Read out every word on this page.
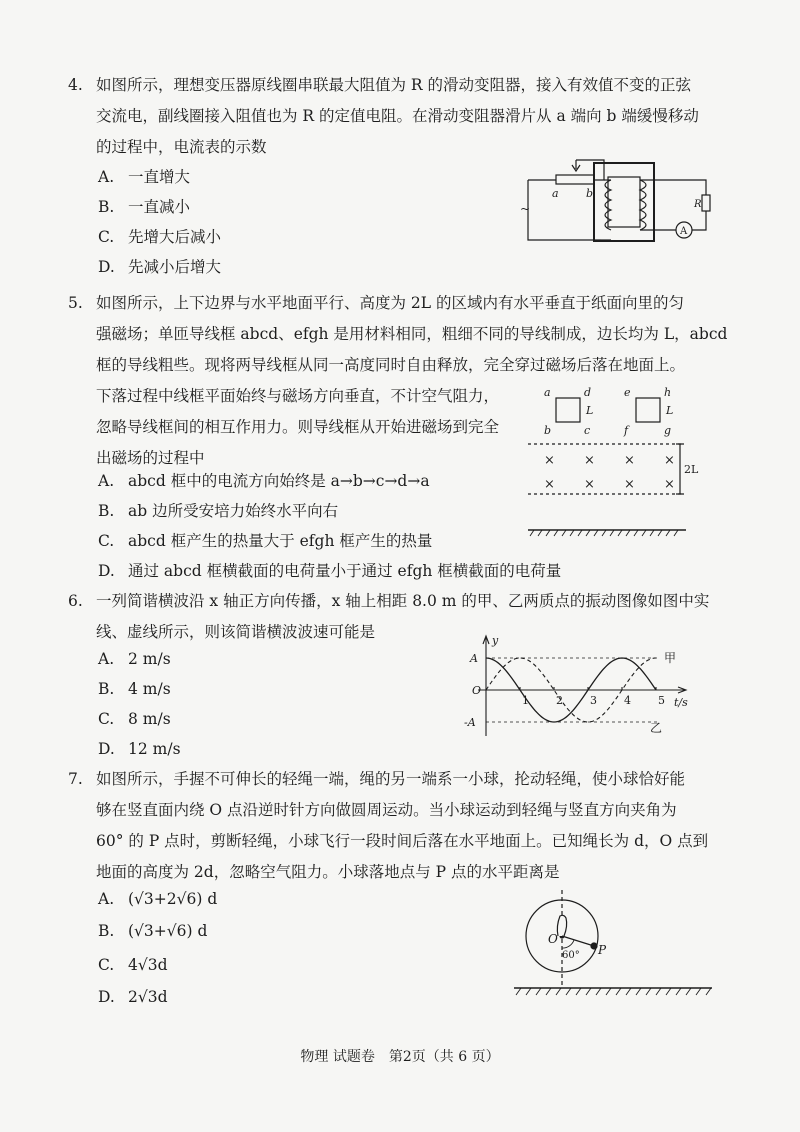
4. 如图所示，理想变压器原线圈串联最大阻值为 R 的滑动变阻器，接入有效值不变的正弦
交流电，副线圈接入阻值也为 R 的定值电阻。在滑动变阻器滑片从 a 端向 b 端缓慢移动
的过程中，电流表的示数
A. 一直增大
B. 一直减小
C. 先增大后减小
D. 先减小后增大
~
a b
R
A
5. 如图所示，上下边界与水平地面平行、高度为 2L 的区域内有水平垂直于纸面向里的匀
强磁场；单匝导线框 abcd、efgh 是用材料相同，粗细不同的导线制成，边长均为 L，abcd
框的导线粗些。现将两导线框从同一高度同时自由释放，完全穿过磁场后落在地面上。
下落过程中线框平面始终与磁场方向垂直，不计空气阻力，
忽略导线框间的相互作用力。则导线框从开始进磁场到完全
出磁场的过程中
A. abcd 框中的电流方向始终是 a→b→c→d→a
B. ab 边所受安培力始终水平向右
C. abcd 框产生的热量大于 efgh 框产生的热量
D. 通过 abcd 框横截面的电荷量小于通过 efgh 框横截面的电荷量
a	d
b	c
L
e	h
f	g
L
2L
× × × ×
× × × ×
6. 一列简谐横波沿 x 轴正方向传播，x 轴上相距 8.0 m 的甲、乙两质点的振动图像如图中实
线、虚线所示，则该简谐横波波速可能是
A. 2 m/s
B. 4 m/s
C. 8 m/s
D. 12 m/s
y
t/s
A
O
-A
1 2 3 4 5
甲
乙
7. 如图所示，手握不可伸长的轻绳一端，绳的另一端系一小球，抡动轻绳，使小球恰好能
够在竖直面内绕 O 点沿逆时针方向做圆周运动。当小球运动到轻绳与竖直方向夹角为
60° 的 P 点时，剪断轻绳，小球飞行一段时间后落在水平地面上。已知绳长为 d，O 点到
地面的高度为 2d，忽略空气阻力。小球落地点与 P 点的水平距离是
A. (√3+2√6) d
B. (√3+√6) d
C. 4√3d
D. 2√3d
O
P
60°
物理 试题卷　第2页（共 6 页）
